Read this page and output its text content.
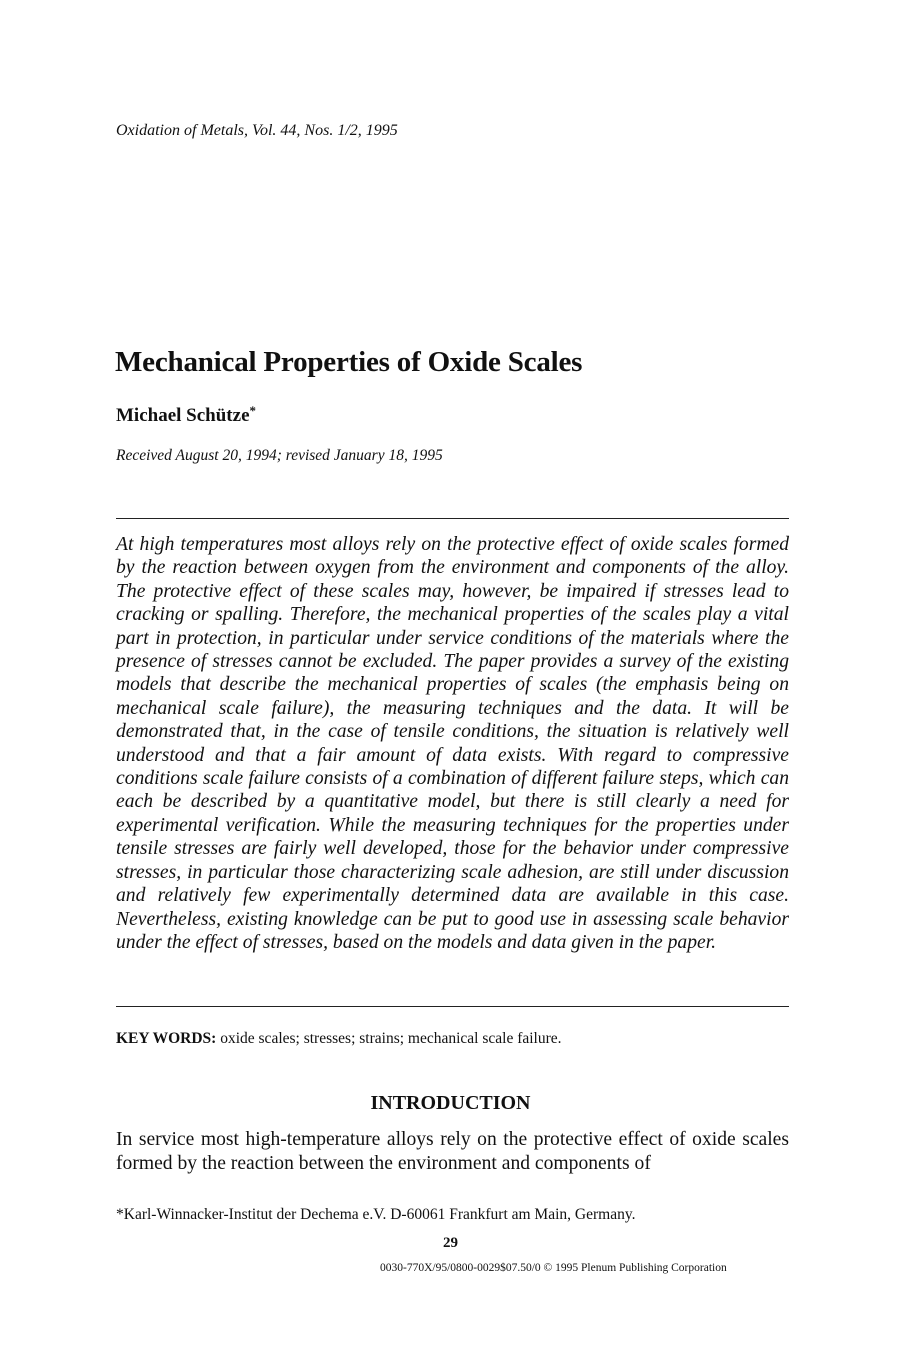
Oxidation of Metals, Vol. 44, Nos. 1/2, 1995
Mechanical Properties of Oxide Scales
Michael Schütze*
Received August 20, 1994; revised January 18, 1995
At high temperatures most alloys rely on the protective effect of oxide scales formed by the reaction between oxygen from the environment and components of the alloy. The protective effect of these scales may, however, be impaired if stresses lead to cracking or spalling. Therefore, the mechanical properties of the scales play a vital part in protection, in particular under service conditions of the materials where the presence of stresses cannot be excluded. The paper provides a survey of the existing models that describe the mechanical properties of scales (the emphasis being on mechanical scale failure), the measuring techniques and the data. It will be demonstrated that, in the case of tensile conditions, the situation is relatively well understood and that a fair amount of data exists. With regard to compressive conditions scale failure consists of a combination of different failure steps, which can each be described by a quantitative model, but there is still clearly a need for experimental verification. While the measuring techniques for the properties under tensile stresses are fairly well developed, those for the behavior under compressive stresses, in particular those characterizing scale adhesion, are still under discussion and relatively few experimentally determined data are available in this case. Nevertheless, existing knowledge can be put to good use in assessing scale behavior under the effect of stresses, based on the models and data given in the paper.
KEY WORDS: oxide scales; stresses; strains; mechanical scale failure.
INTRODUCTION
In service most high-temperature alloys rely on the protective effect of oxide scales formed by the reaction between the environment and components of
*Karl-Winnacker-Institut der Dechema e.V. D-60061 Frankfurt am Main, Germany.
29
0030-770X/95/0800-0029$07.50/0 © 1995 Plenum Publishing Corporation
